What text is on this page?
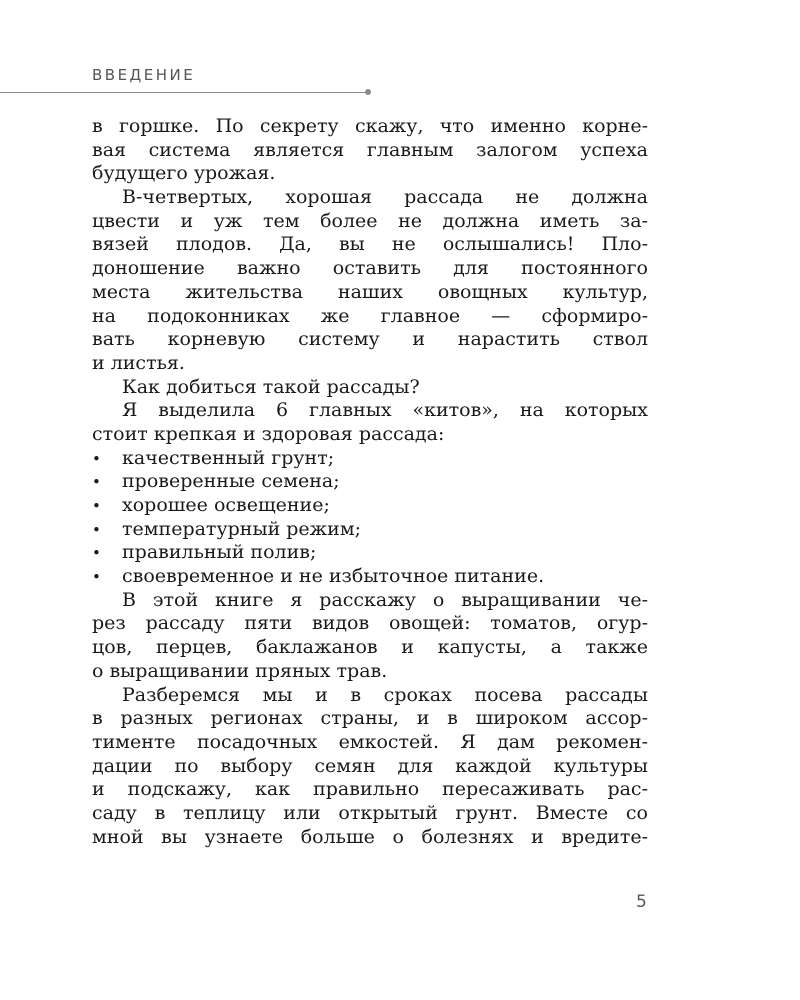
ВВЕДЕНИЕ
в горшке. По секрету скажу, что именно корне-
вая система является главным залогом успеха
будущего урожая.
В-четвертых, хорошая рассада не должна
цвести и уж тем более не должна иметь за-
вязей плодов. Да, вы не ослышались! Пло-
доношение важно оставить для постоянного
места жительства наших овощных культур,
на подоконниках же главное — сформиро-
вать корневую систему и нарастить ствол
и листья.
Как добиться такой рассады?
Я выделила 6 главных «китов», на которых
стоит крепкая и здоровая рассада:
•	качественный грунт;
•	проверенные семена;
•	хорошее освещение;
•	температурный режим;
•	правильный полив;
•	своевременное и не избыточное питание.
В этой книге я расскажу о выращивании че-
рез рассаду пяти видов овощей: томатов, огур-
цов, перцев, баклажанов и капусты, а также
о выращивании пряных трав.
Разберемся мы и в сроках посева рассады
в разных регионах страны, и в широком ассор-
тименте посадочных емкостей. Я дам рекомен-
дации по выбору семян для каждой культуры
и подскажу, как правильно пересаживать рас-
саду в теплицу или открытый грунт. Вместе со
мной вы узнаете больше о болезнях и вредите-
5
